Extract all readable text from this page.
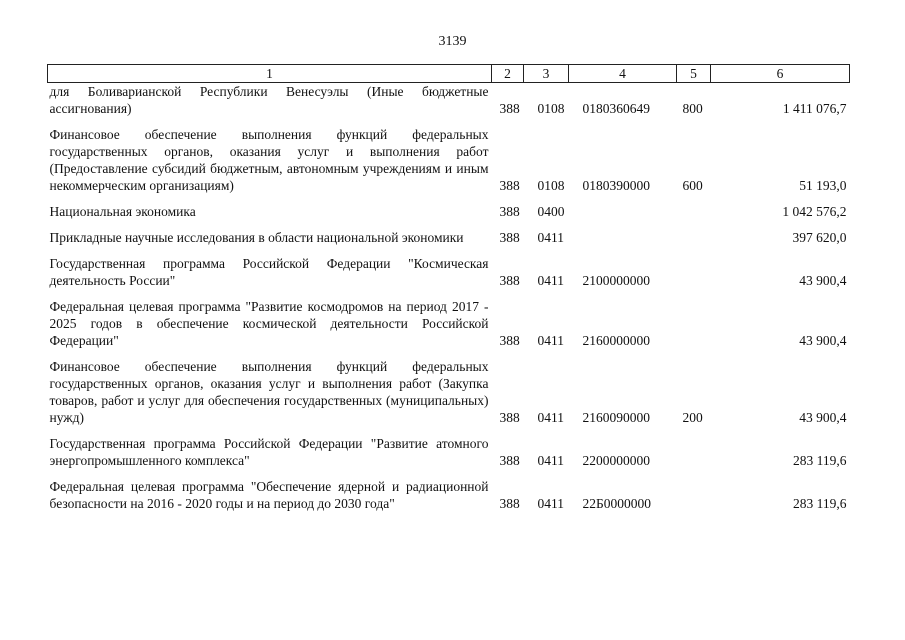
3139
1	2	3	4	5	6
для Боливарианской Республики Венесуэлы (Иные бюджетные ассигнования)	388	0108	0180360649	800	1 411 076,7

Финансовое обеспечение выполнения функций федеральных государственных органов, оказания услуг и выполнения работ (Предоставление субсидий бюджетным, автономным учреждениям и иным некоммерческим организациям)	388	0108	0180390000	600	51 193,0

Национальная экономика	388	0400			1 042 576,2

Прикладные научные исследования в области национальной экономики	388	0411			397 620,0

Государственная программа Российской Федерации "Космическая деятельность России"	388	0411	2100000000		43 900,4

Федеральная целевая программа "Развитие космодромов на период 2017 - 2025 годов в обеспечение космической деятельности Российской Федерации"	388	0411	2160000000		43 900,4

Финансовое обеспечение выполнения функций федеральных государственных органов, оказания услуг и выполнения работ (Закупка товаров, работ и услуг для обеспечения государственных (муниципальных) нужд)	388	0411	2160090000	200	43 900,4

Государственная программа Российской Федерации "Развитие атомного энергопромышленного комплекса"	388	0411	2200000000		283 119,6

Федеральная целевая программа "Обеспечение ядерной и радиационной безопасности на 2016 - 2020 годы и на период до 2030 года"	388	0411	22Б0000000		283 119,6
